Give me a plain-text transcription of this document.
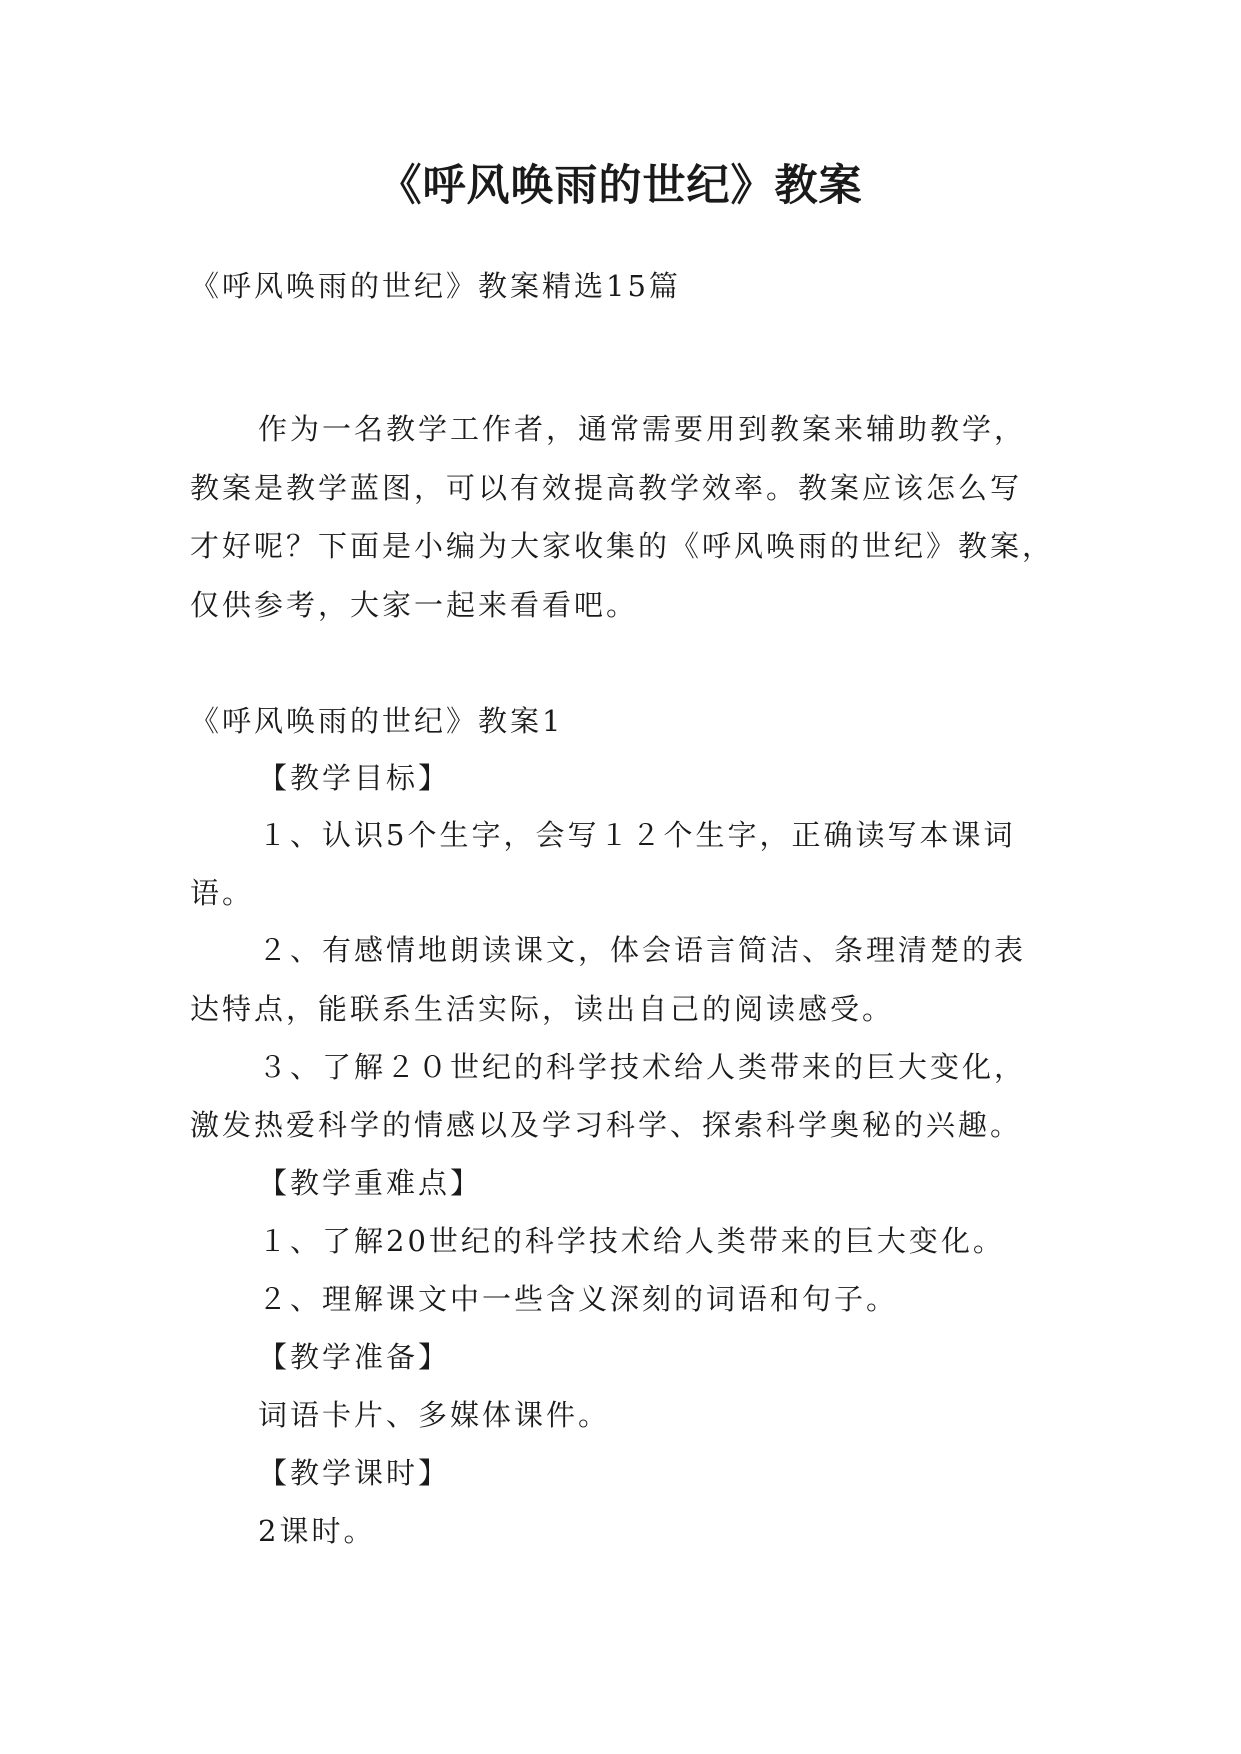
《呼风唤雨的世纪》教案
《呼风唤雨的世纪》教案精选15篇
作为一名教学工作者，通常需要用到教案来辅助教学，
教案是教学蓝图，可以有效提高教学效率。教案应该怎么写
才好呢？下面是小编为大家收集的《呼风唤雨的世纪》教案，
仅供参考，大家一起来看看吧。
《呼风唤雨的世纪》教案1
【教学目标】
１、认识5个生字，会写１２个生字，正确读写本课词
语。
２、有感情地朗读课文，体会语言简洁、条理清楚的表
达特点，能联系生活实际，读出自己的阅读感受。
３、了解２０世纪的科学技术给人类带来的巨大变化，
激发热爱科学的情感以及学习科学、探索科学奥秘的兴趣。
【教学重难点】
１、了解20世纪的科学技术给人类带来的巨大变化。
２、理解课文中一些含义深刻的词语和句子。
【教学准备】
词语卡片、多媒体课件。
【教学课时】
2课时。
